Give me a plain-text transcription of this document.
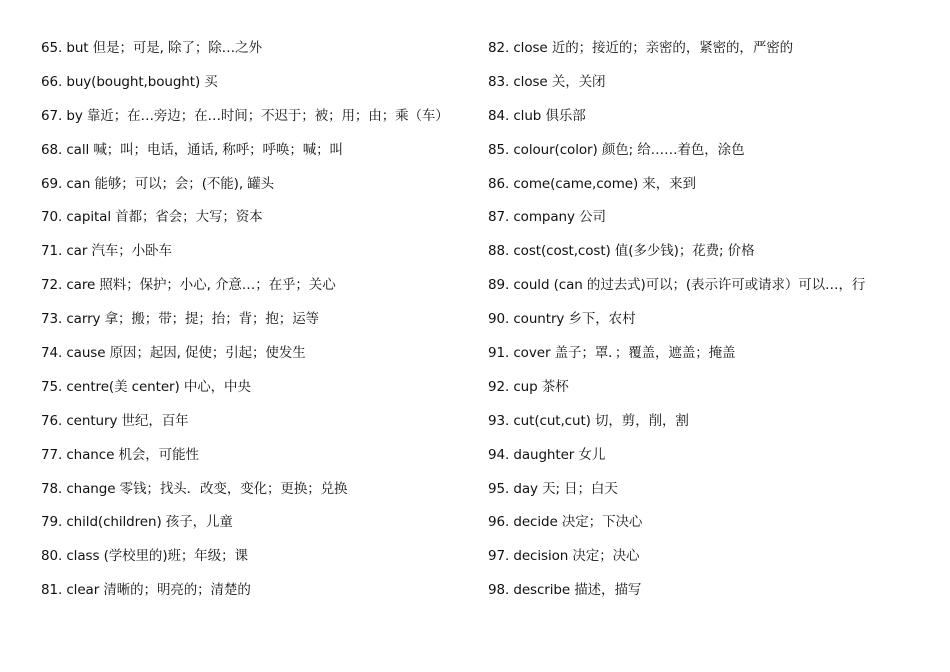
65. but 但是；可是, 除了；除…之外
66. buy(bought,bought) 买
67. by 靠近；在…旁边；在…时间；不迟于；被；用；由；乘（车）
68. call 喊；叫；电话，通话, 称呼；呼唤；喊；叫
69. can 能够；可以；会；(不能), 罐头
70. capital 首都；省会；大写；资本
71. car 汽车；小卧车
72. care 照料；保护；小心, 介意…；在乎；关心
73. carry 拿；搬；带；提；抬；背；抱；运等
74. cause 原因；起因, 促使；引起；使发生
75. centre(美 center) 中心，中央
76. century 世纪，百年
77. chance 机会，可能性
78. change 零钱；找头．改变，变化；更换；兑换
79. child(children) 孩子，儿童
80. class (学校里的)班；年级；课
81. clear 清晰的；明亮的；清楚的
82. close 近的；接近的；亲密的，紧密的，严密的
83. close 关，关闭
84. club 俱乐部
85. colour(color) 颜色; 给……着色，涂色
86. come(came,come) 来，来到
87. company 公司
88. cost(cost,cost) 值(多少钱)；花费; 价格
89. could (can 的过去式)可以；(表示许可或请求）可以…，行
90. country 乡下，农村
91. cover 盖子；罩．；覆盖，遮盖；掩盖
92. cup 茶杯
93. cut(cut,cut) 切，剪，削，割
94. daughter 女儿
95. day 天; 日；白天
96. decide 决定；下决心
97. decision 决定；决心
98. describe 描述，描写
